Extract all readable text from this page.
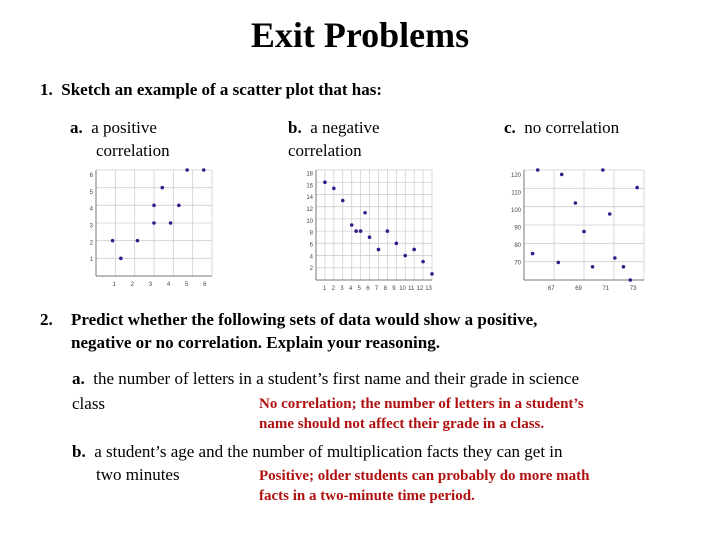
Exit Problems
1. Sketch an example of a scatter plot that has:
a. a positive
correlation
b. a negative
correlation
c. no correlation
1 2 3 4 5 6
1
2
3
4
5
6
1 2 3 4 5 6 7 8 9 10 11 12 13
2
4
6
8
10
12
14
16
18
67	69	71	73
70
80
90
100
110
120
2. Predict whether the following sets of data would show a positive,
negative or no correlation. Explain your reasoning.
a. the number of letters in a student’s first name and their grade in science
class	No correlation; the number of letters in a student’s
name should not affect their grade in a class.
b. a student’s age and the number of multiplication facts they can get in
two minutes	Positive; older students can probably do more math
facts in a two-minute time period.
